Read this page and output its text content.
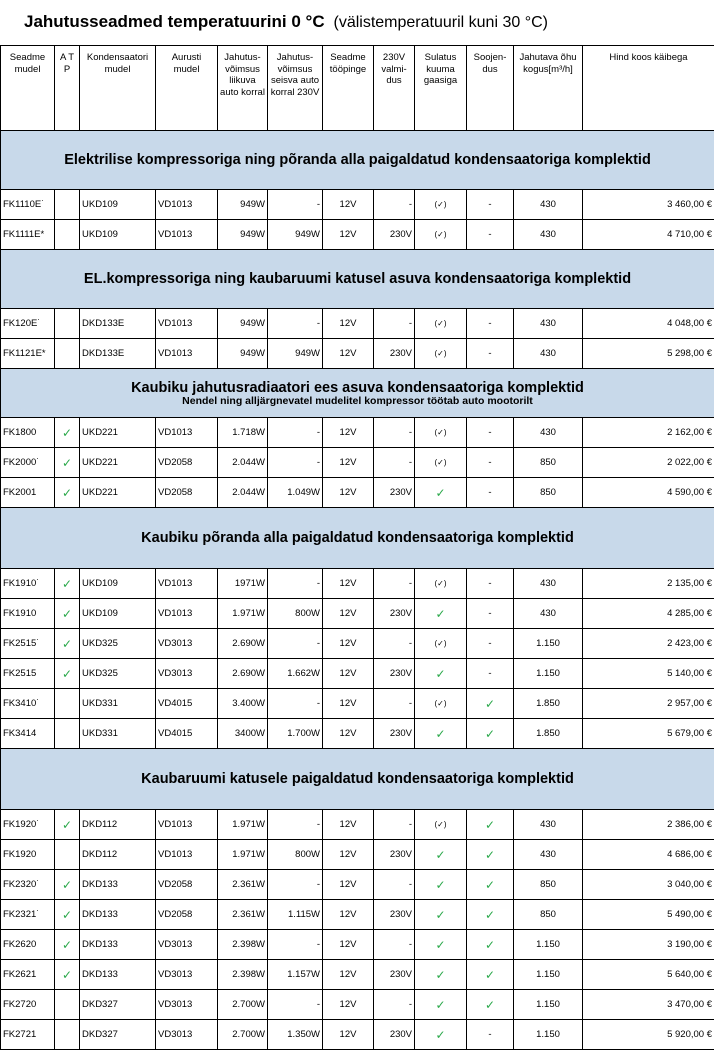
Jahutusseadmed temperatuurini 0 °C (välistemperatuuril kuni 30 °C)
Seadme mudel	A T P	Kondensaatori mudel	Aurusti mudel	Jahutus-võimsus liikuva auto korral	Jahutus-võimsus seisva auto korral 230V	Seadme tööpinge	230V valmi-dus	Sulatus kuuma gaasiga	Soojen-dus	Jahutava õhu kogus[m³/h]	Hind koos käibega
Elektrilise kompressoriga ning põranda alla paigaldatud kondensaatoriga komplektid											
FK1110E˙		UKD109	VD1013	949W	-	12V	-	(✓)	-	430	3 460,00 €
FK1111E*		UKD109	VD1013	949W	949W	12V	230V	(✓)	-	430	4 710,00 €
EL.kompressoriga ning kaubaruumi katusel asuva kondensaatoriga komplektid											
FK120E˙		DKD133E	VD1013	949W	-	12V	-	(✓)	-	430	4 048,00 €
FK1121E*		DKD133E	VD1013	949W	949W	12V	230V	(✓)	-	430	5 298,00 €
Kaubiku jahutusradiaatori ees asuva kondensaatoriga komplektid
Nendel ning alljärgnevatel mudelitel kompressor töötab auto mootorilt											

FK1800	✓	UKD221	VD1013	1.718W	-	12V	-	(✓)	-	430	2 162,00 €
FK2000˙	✓	UKD221	VD2058	2.044W	-	12V	-	(✓)	-	850	2 022,00 €
FK2001	✓	UKD221	VD2058	2.044W	1.049W	12V	230V	✓	-	850	4 590,00 €
Kaubiku põranda alla paigaldatud kondensaatoriga komplektid											
FK1910˙	✓	UKD109	VD1013	1971W	-	12V	-	(✓)	-	430	2 135,00 €
FK1910	✓	UKD109	VD1013	1.971W	800W	12V	230V	✓	-	430	4 285,00 €
FK2515˙	✓	UKD325	VD3013	2.690W	-	12V	-	(✓)	-	1.150	2 423,00 €
FK2515	✓	UKD325	VD3013	2.690W	1.662W	12V	230V	✓	-	1.150	5 140,00 €
FK3410˙		UKD331	VD4015	3.400W	-	12V	-	(✓)	✓	1.850	2 957,00 €
FK3414		UKD331	VD4015	3400W	1.700W	12V	230V	✓	✓	1.850	5 679,00 €
Kaubaruumi katusele paigaldatud kondensaatoriga komplektid											
FK1920˙	✓	DKD112	VD1013	1.971W	-	12V	-	(✓)	✓	430	2 386,00 €
FK1920		DKD112	VD1013	1.971W	800W	12V	230V	✓	✓	430	4 686,00 €
FK2320˙	✓	DKD133	VD2058	2.361W	-	12V	-	✓	✓	850	3 040,00 €
FK2321˙	✓	DKD133	VD2058	2.361W	1.115W	12V	230V	✓	✓	850	5 490,00 €
FK2620	✓	DKD133	VD3013	2.398W	-	12V	-	✓	✓	1.150	3 190,00 €
FK2621	✓	DKD133	VD3013	2.398W	1.157W	12V	230V	✓	✓	1.150	5 640,00 €
FK2720		DKD327	VD3013	2.700W	-	12V	-	✓	✓	1.150	3 470,00 €
FK2721		DKD327	VD3013	2.700W	1.350W	12V	230V	✓	-	1.150	5 920,00 €
